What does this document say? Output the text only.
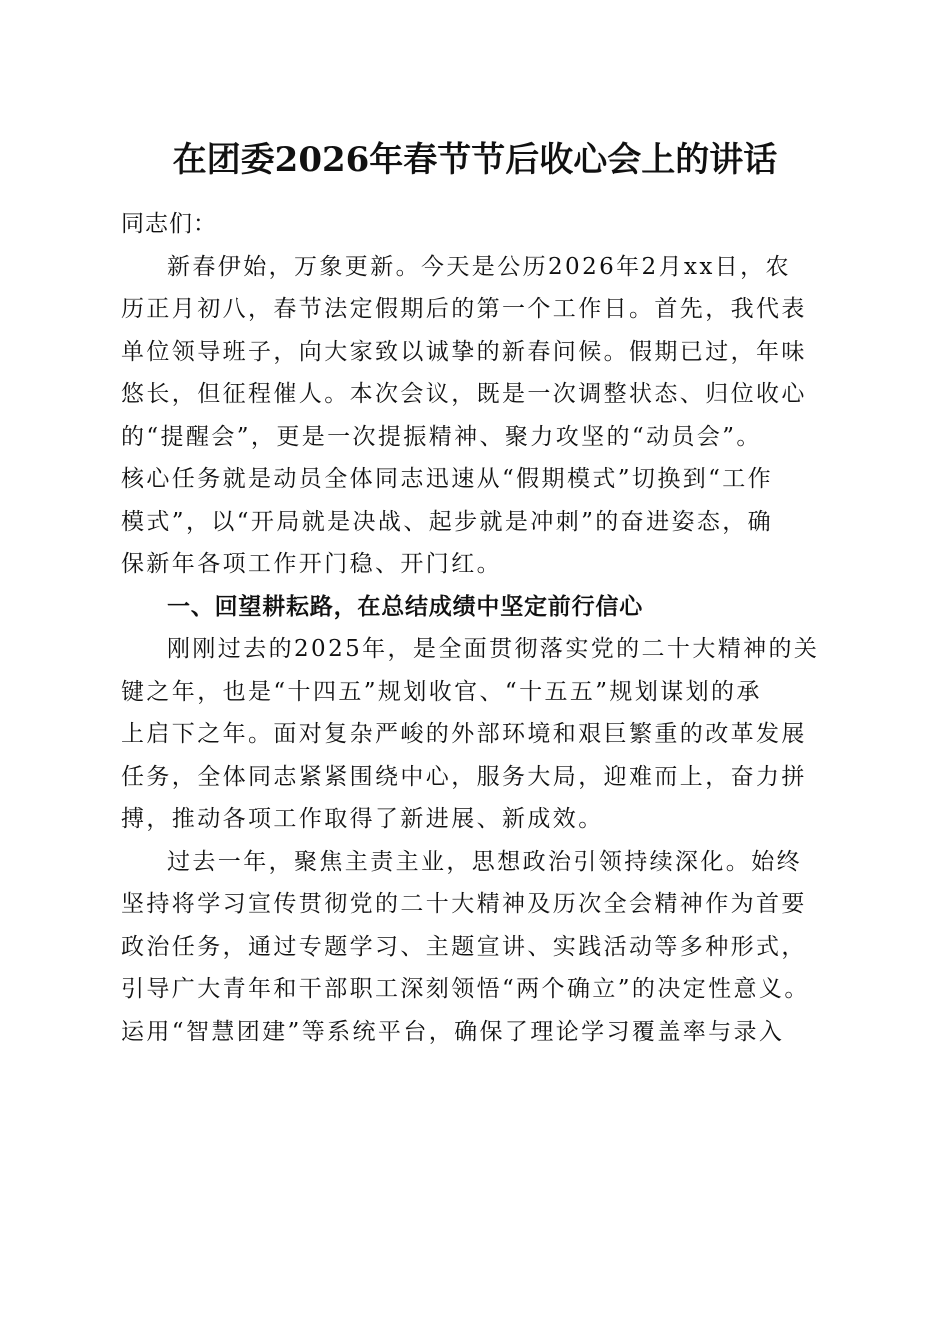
在团委2026年春节节后收心会上的讲话
同志们：
新春伊始，万象更新。今天是公历2026年2月xx日，农
历正月初八，春节法定假期后的第一个工作日。首先，我代表
单位领导班子，向大家致以诚挚的新春问候。假期已过，年味
悠长，但征程催人。本次会议，既是一次调整状态、归位收心
的“提醒会”，更是一次提振精神、聚力攻坚的“动员会”。
核心任务就是动员全体同志迅速从“假期模式”切换到“工作
模式”，以“开局就是决战、起步就是冲刺”的奋进姿态，确
保新年各项工作开门稳、开门红。
一、回望耕耘路，在总结成绩中坚定前行信心
刚刚过去的2025年，是全面贯彻落实党的二十大精神的关
键之年，也是“十四五”规划收官、“十五五”规划谋划的承
上启下之年。面对复杂严峻的外部环境和艰巨繁重的改革发展
任务，全体同志紧紧围绕中心，服务大局，迎难而上，奋力拼
搏，推动各项工作取得了新进展、新成效。
过去一年，聚焦主责主业，思想政治引领持续深化。始终
坚持将学习宣传贯彻党的二十大精神及历次全会精神作为首要
政治任务，通过专题学习、主题宣讲、实践活动等多种形式，
引导广大青年和干部职工深刻领悟“两个确立”的决定性意义。
运用“智慧团建”等系统平台，确保了理论学习覆盖率与录入
